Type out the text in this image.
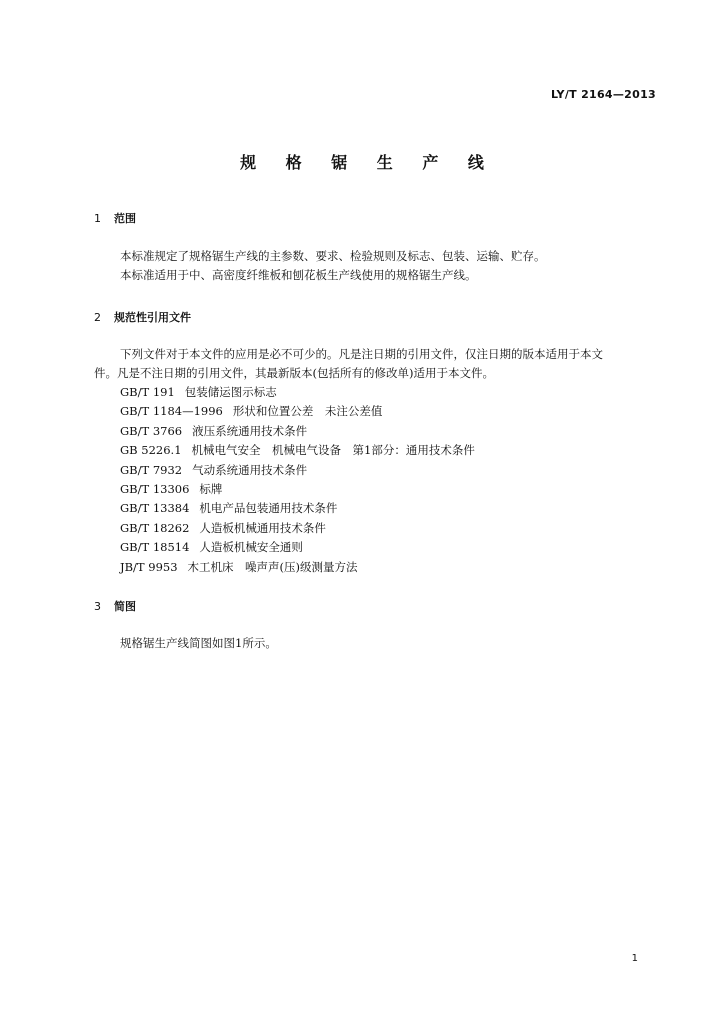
LY/T 2164—2013
规 格 锯 生 产 线
1 范围
本标准规定了规格锯生产线的主参数、要求、检验规则及标志、包装、运输、贮存。
本标准适用于中、高密度纤维板和刨花板生产线使用的规格锯生产线。
2 规范性引用文件
下列文件对于本文件的应用是必不可少的。凡是注日期的引用文件，仅注日期的版本适用于本文
件。凡是不注日期的引用文件，其最新版本(包括所有的修改单)适用于本文件。
GB/T 191 包装储运图示标志
GB/T 1184—1996 形状和位置公差　未注公差值
GB/T 3766 液压系统通用技术条件
GB 5226.1 机械电气安全　机械电气设备　第1部分：通用技术条件
GB/T 7932 气动系统通用技术条件
GB/T 13306 标牌
GB/T 13384 机电产品包装通用技术条件
GB/T 18262 人造板机械通用技术条件
GB/T 18514 人造板机械安全通则
JB/T 9953 木工机床　噪声声(压)级测量方法
3 简图
规格锯生产线简图如图1所示。
1
